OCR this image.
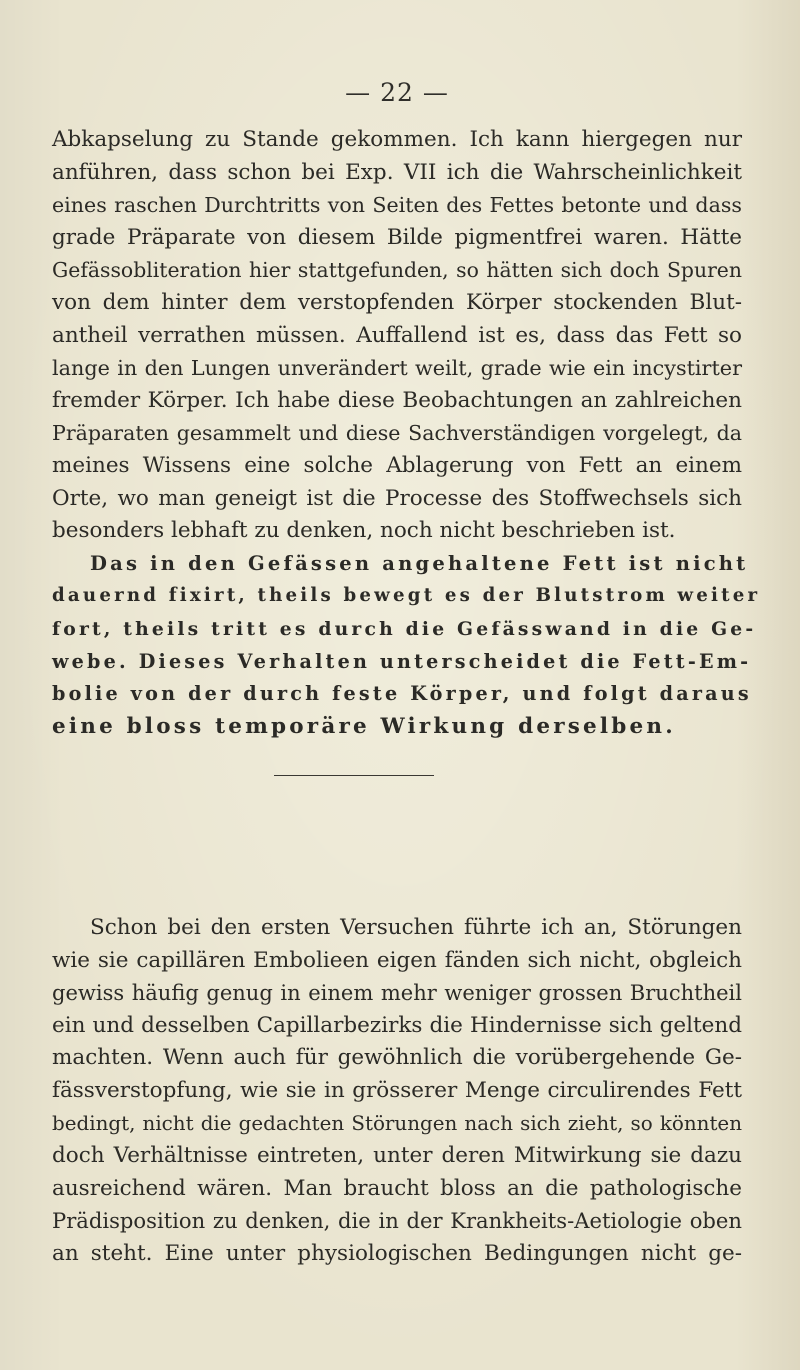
— 22 —
Abkapselung zu Stande gekommen. Ich kann hiergegen nur
anführen, dass schon bei Exp. VII ich die Wahrscheinlichkeit
eines raschen Durchtritts von Seiten des Fettes betonte und dass
grade Präparate von diesem Bilde pigmentfrei waren. Hätte
Gefässobliteration hier stattgefunden, so hätten sich doch Spuren
von dem hinter dem verstopfenden Körper stockenden Blut-
antheil verrathen müssen. Auffallend ist es, dass das Fett so
lange in den Lungen unverändert weilt, grade wie ein incystirter
fremder Körper. Ich habe diese Beobachtungen an zahlreichen
Präparaten gesammelt und diese Sachverständigen vorgelegt, da
meines Wissens eine solche Ablagerung von Fett an einem
Orte, wo man geneigt ist die Processe des Stoffwechsels sich
besonders lebhaft zu denken, noch nicht beschrieben ist.
Das in den Gefässen angehaltene Fett ist nicht
dauernd fixirt, theils bewegt es der Blutstrom weiter
fort, theils tritt es durch die Gefässwand in die Ge-
webe. Dieses Verhalten unterscheidet die Fett-Em-
bolie von der durch feste Körper, und folgt daraus
eine bloss temporäre Wirkung derselben.
Schon bei den ersten Versuchen führte ich an, Störungen
wie sie capillären Embolieen eigen fänden sich nicht, obgleich
gewiss häufig genug in einem mehr weniger grossen Bruchtheil
ein und desselben Capillarbezirks die Hindernisse sich geltend
machten. Wenn auch für gewöhnlich die vorübergehende Ge-
fässverstopfung, wie sie in grösserer Menge circulirendes Fett
bedingt, nicht die gedachten Störungen nach sich zieht, so könnten
doch Verhältnisse eintreten, unter deren Mitwirkung sie dazu
ausreichend wären. Man braucht bloss an die pathologische
Prädisposition zu denken, die in der Krankheits-Aetiologie oben
an steht. Eine unter physiologischen Bedingungen nicht ge-
